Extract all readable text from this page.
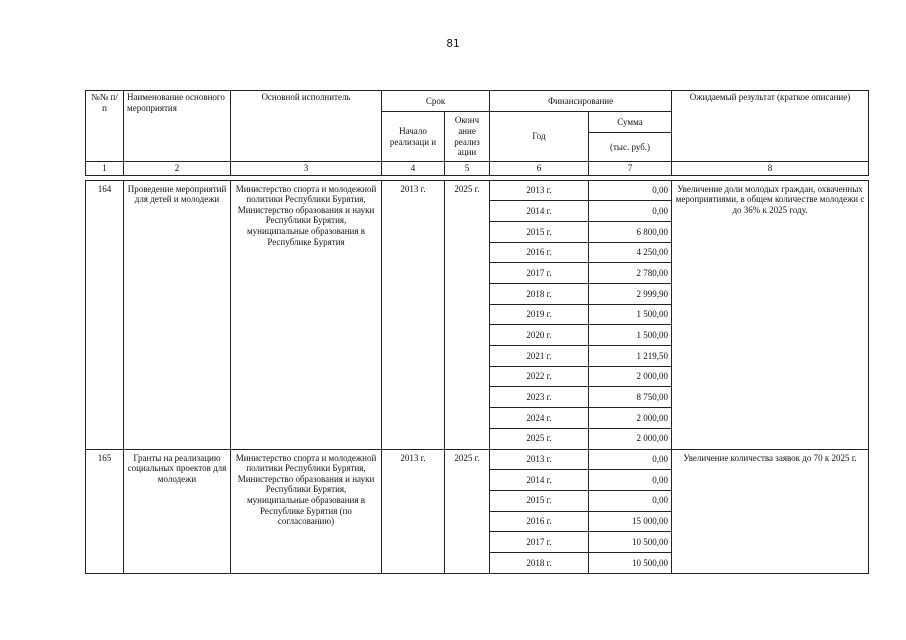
81
№№ п/п	Наименование основного мероприятия	Основной исполнитель	Срок		Финансирование		Ожидаемый результат (краткое описание)
			Начало реализаци и	Оконч ание реализ ации	Год	Сумма	
						(тыс. руб.)	
1	2	3	4	5	6	7	8

164	Проведение мероприятий для детей и молодежи	Министерство спорта и молодежной политики Республики Бурятия, Министерство образования и науки Республики Бурятия, муниципальные образования в Республике Бурятия	2013 г.	2025 г.	2013 г.	0,00	Увеличение доли молодых граждан, охваченных мероприятиями, в общем количестве молодежи с до 36% к 2025 году.
					2014 г.	0,00	
					2015 г.	6 800,00	
					2016 г.	4 250,00	
					2017 г.	2 780,00	
					2018 г.	2 999,90	
					2019 г.	1 500,00	
					2020 г.	1 500,00	
					2021 г.	1 219,50	
					2022 г.	2 000,00	
					2023 г.	8 750,00	
					2024 г.	2 000,00	
					2025 г.	2 000,00	
165	Гранты на реализацию социальных проектов для молодежи	Министерство спорта и молодежной политики Республики Бурятия, Министерство образования и науки Республики Бурятия, муниципальные образования в Республике Бурятия (по согласованию)	2013 г.	2025 г.	2013 г.	0,00	Увеличение количества заявок до 70 к 2025 г.
					2014 г.	0,00	
					2015 г.	0,00	
					2016 г.	15 000,00	
					2017 г.	10 500,00	
					2018 г.	10 500,00	
